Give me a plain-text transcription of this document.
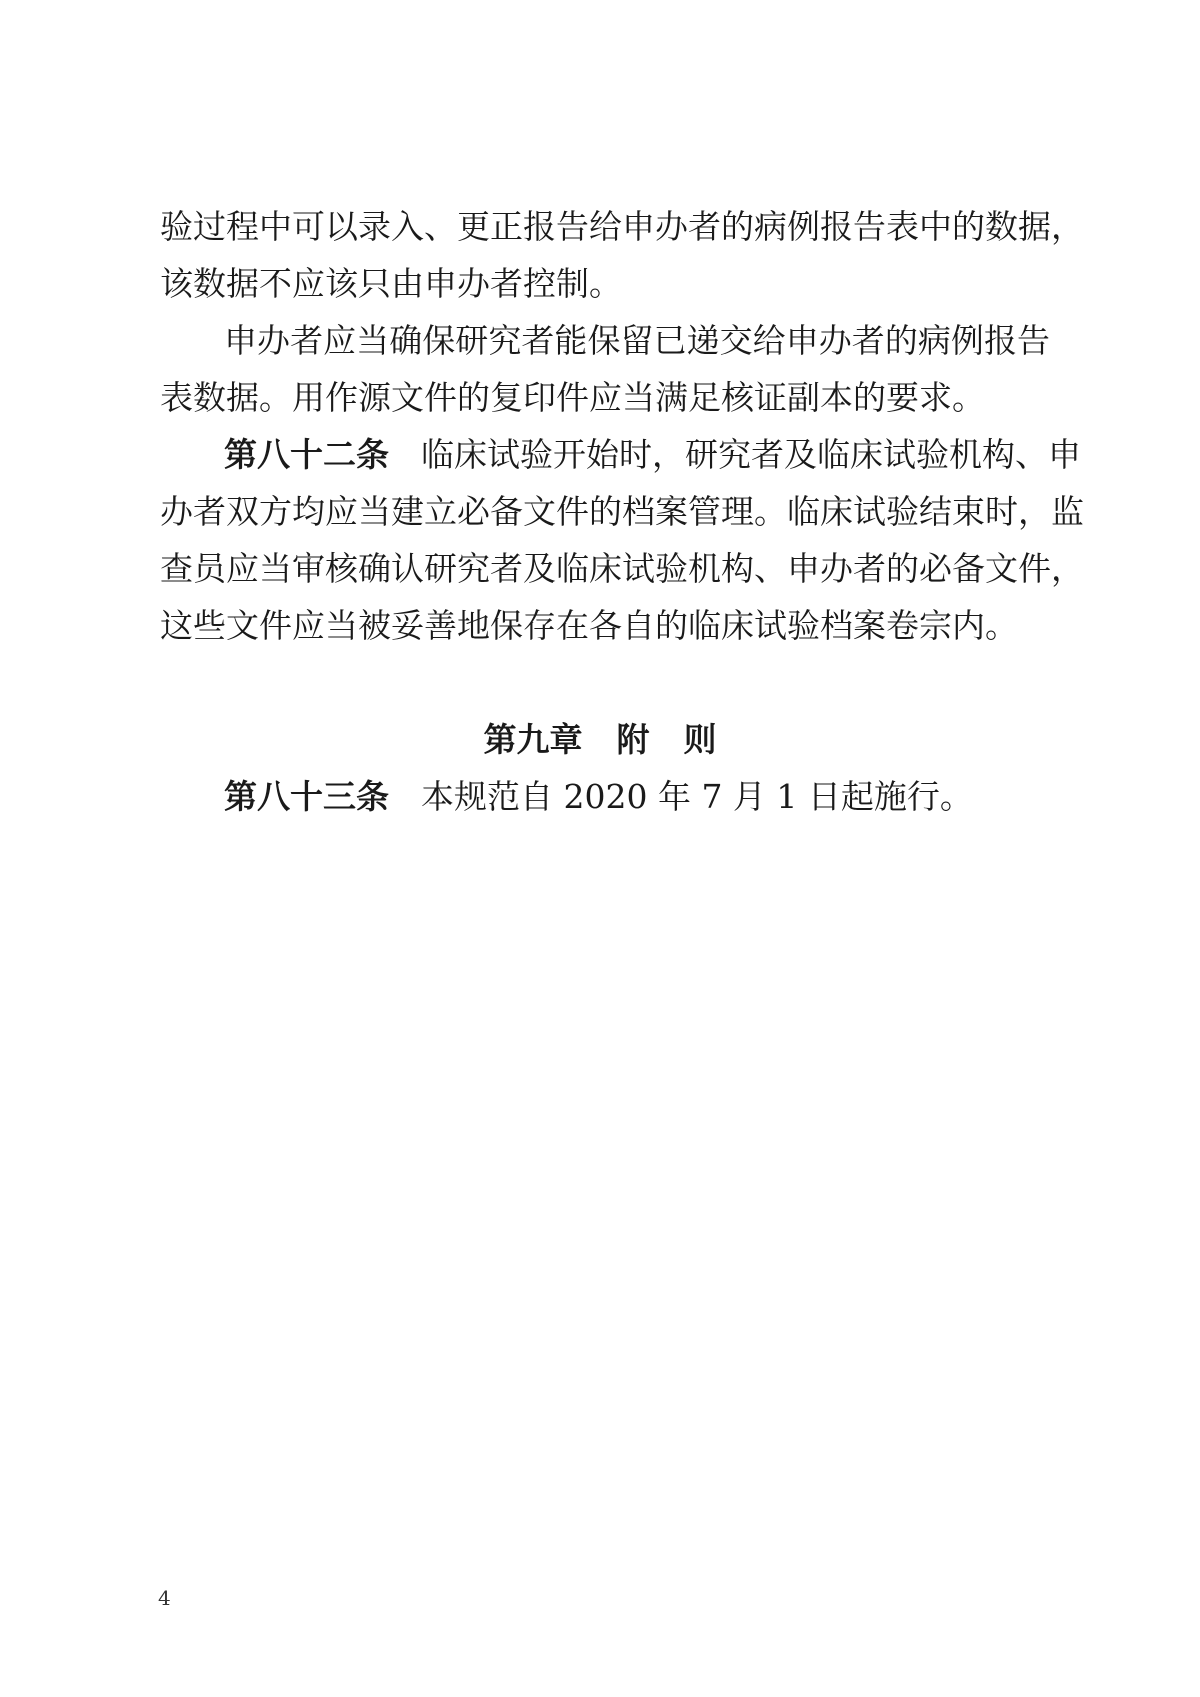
验过程中可以录入、更正报告给申办者的病例报告表中的数据，
该数据不应该只由申办者控制。
申办者应当确保研究者能保留已递交给申办者的病例报告
表数据。用作源文件的复印件应当满足核证副本的要求。
第八十二条 临床试验开始时，研究者及临床试验机构、申
办者双方均应当建立必备文件的档案管理。临床试验结束时，监
查员应当审核确认研究者及临床试验机构、申办者的必备文件，
这些文件应当被妥善地保存在各自的临床试验档案卷宗内。
第九章 附 则
第八十三条 本规范自 2020 年 7 月 1 日起施行。
4
